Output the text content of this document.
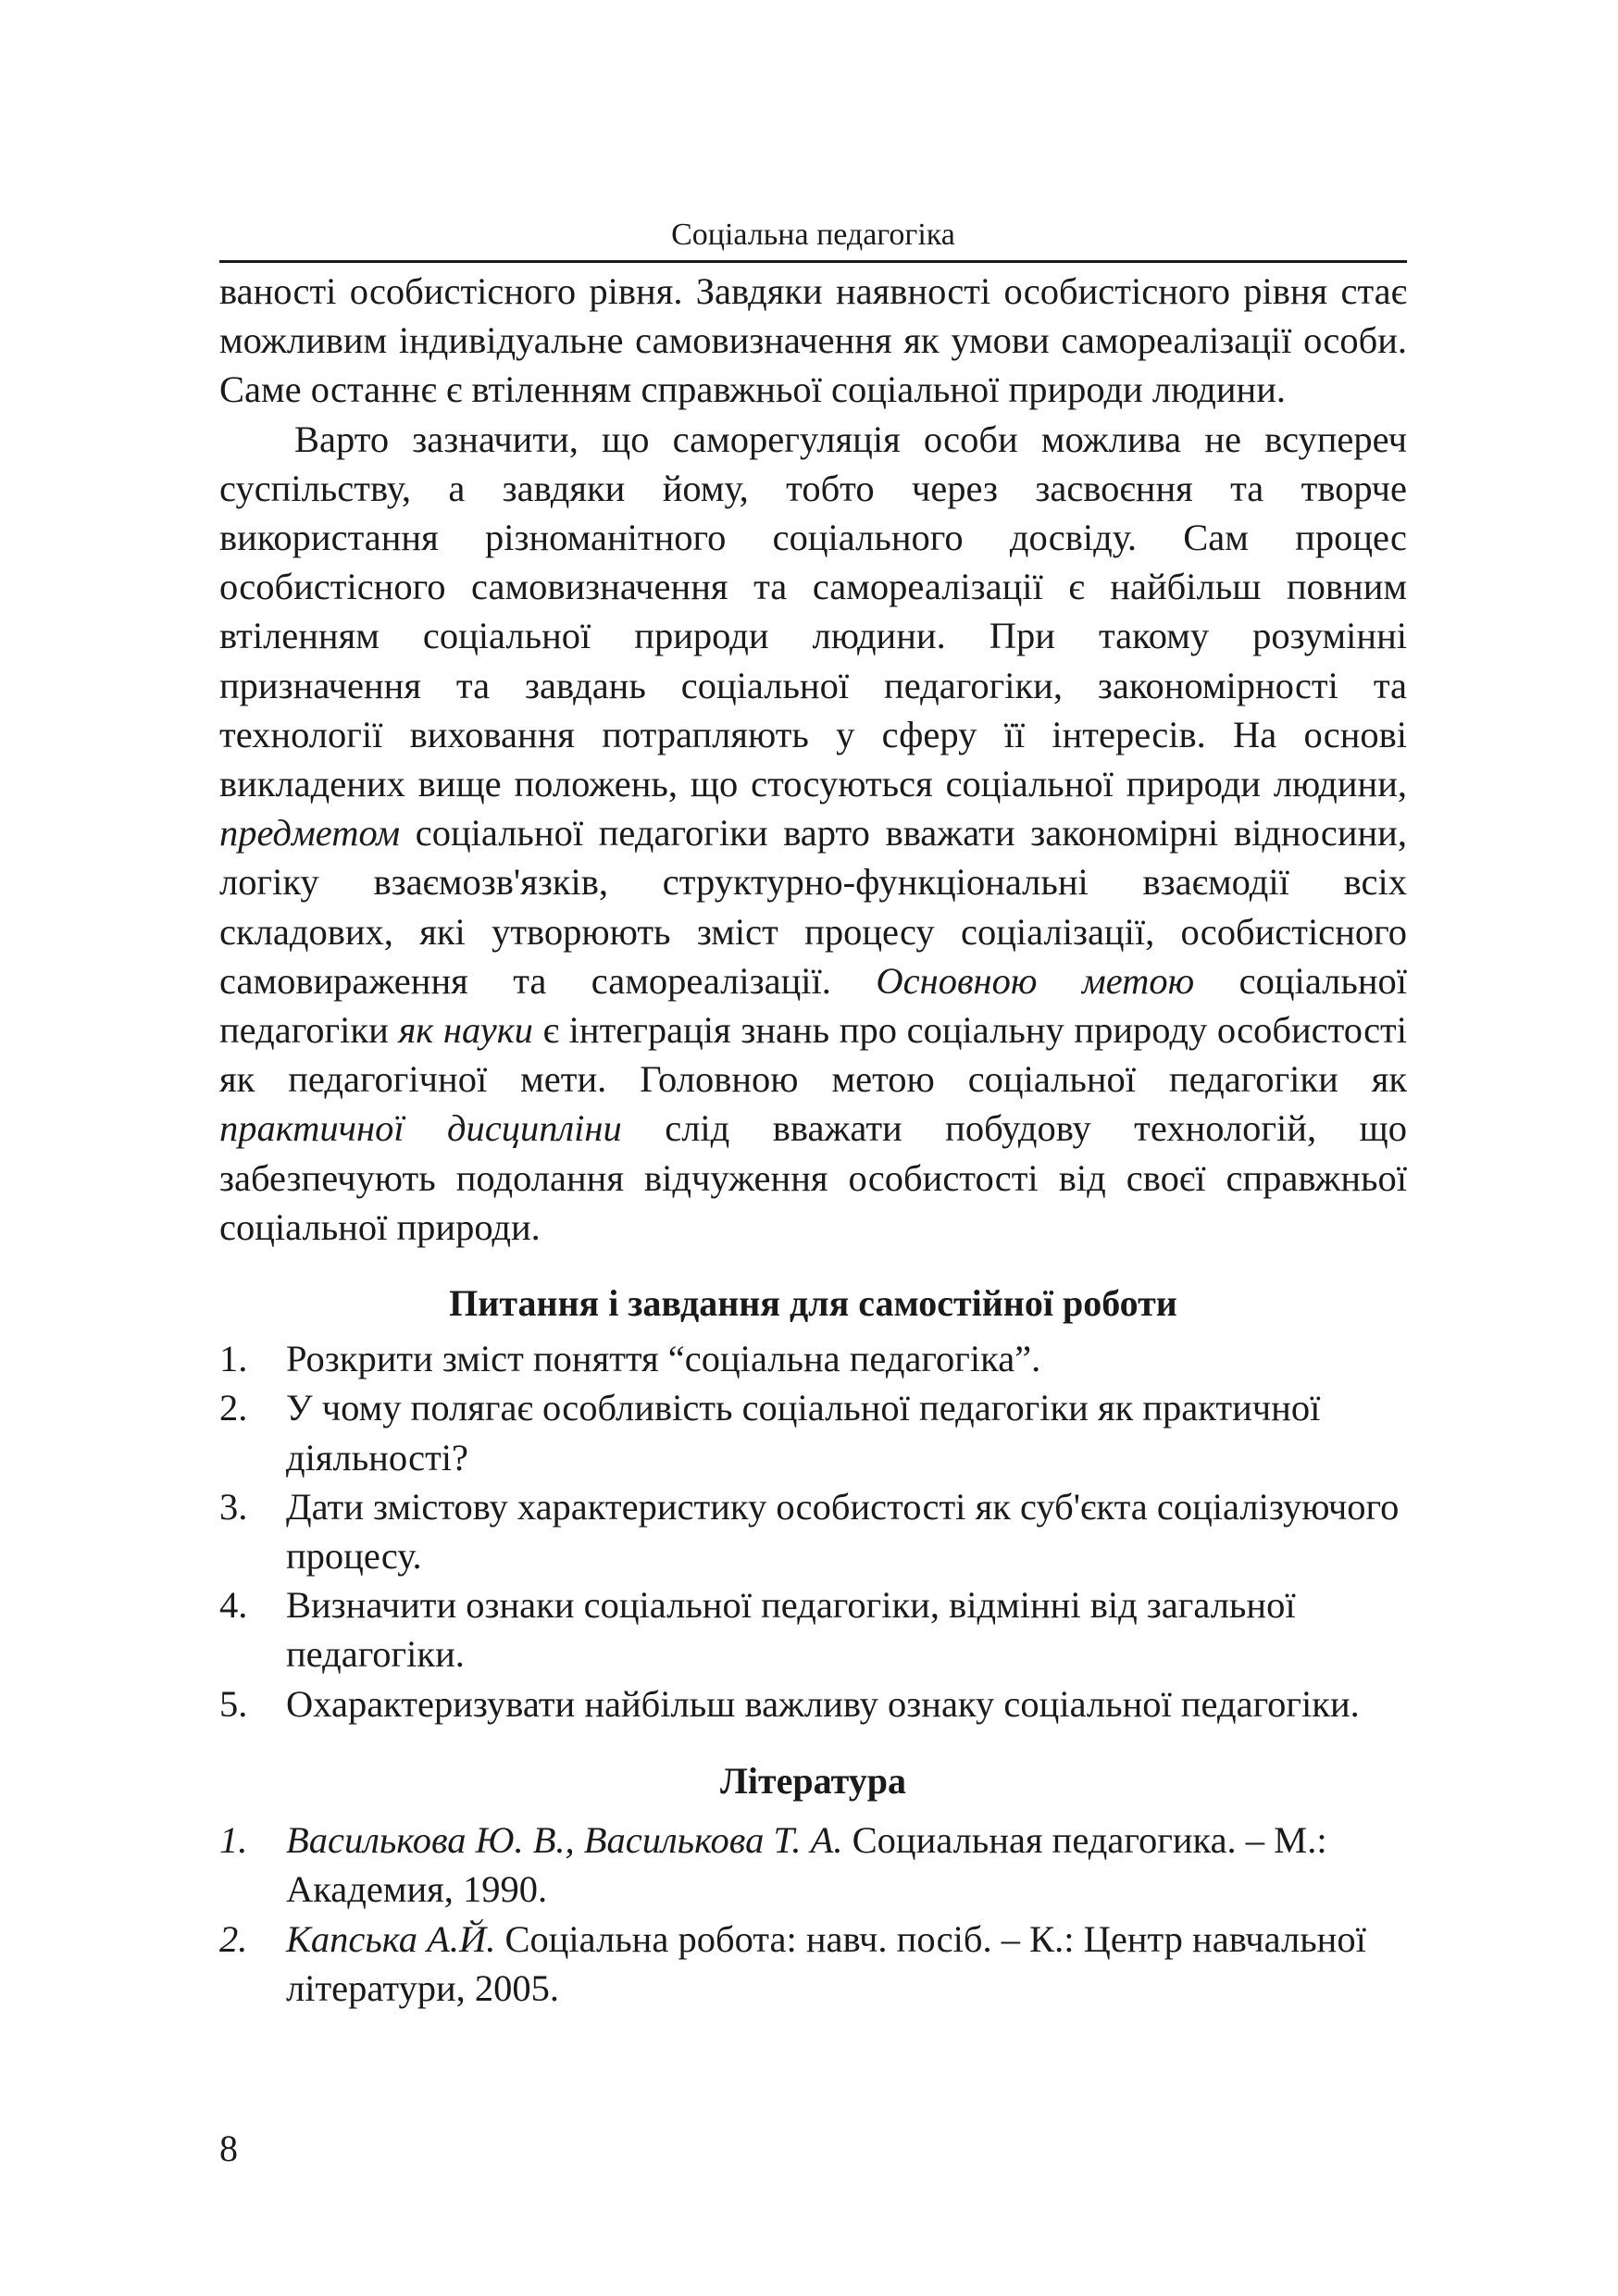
Соціальна педагогіка

ваності особистісного рівня. Завдяки наявності особистісного рівня стає можливим індивідуальне самовизначення як умови самореалізації особи. Саме останнє є втіленням справжньої соціальної природи людини.

Варто зазначити, що саморегуляція особи можлива не всупереч суспільству, а завдяки йому, тобто через засвоєння та творче використання різноманітного соціального досвіду. Сам процес особистісного самовизначення та самореалізації є найбільш повним втіленням соціальної природи людини. При такому розумінні призначення та завдань соціальної педагогіки, закономірності та технології виховання потрапляють у сферу її інтересів. На основі викладених вище положень, що стосуються соціальної природи людини, предметом соціальної педагогіки варто вважати закономірні відносини, логіку взаємозв'язків, структурно-функціональні взаємодії всіх складових, які утворюють зміст процесу соціалізації, особистісного самовираження та самореалізації. Основною метою соціальної педагогіки як науки є інтеграція знань про соціальну природу особистості як педагогічної мети. Головною метою соціальної педагогіки як практичної дисципліни слід вважати побудову технологій, що забезпечують подолання відчуження особистості від своєї справжньої соціальної природи.

Питання і завдання для самостійної роботи
1. Розкрити зміст поняття “соціальна педагогіка”.
2. У чому полягає особливість соціальної педагогіки як практичної діяльності?
3. Дати змістову характеристику особистості як суб'єкта соціалізуючого процесу.
4. Визначити ознаки соціальної педагогіки, відмінні від загальної педагогіки.
5. Охарактеризувати найбільш важливу ознаку соціальної педагогіки.
Література
1. Василькова Ю. В., Василькова Т. А. Социальная педагогика. – М.: Академия, 1990.
2. Капська А.Й. Соціальна робота: навч. посіб. – К.: Центр навчальної літератури, 2005.
8
